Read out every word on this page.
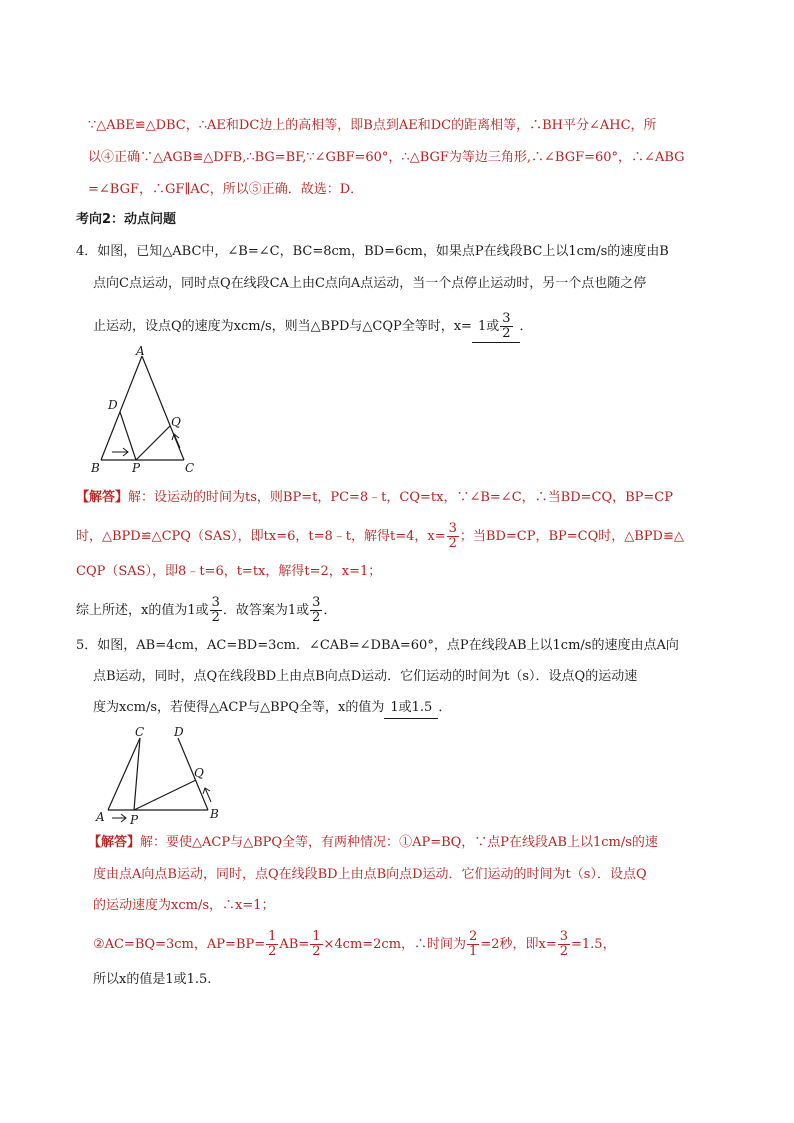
∵△ABE≌△DBC，∴AE和DC边上的高相等，即B点到AE和DC的距离相等，∴BH平分∠AHC，所
以④正确∵△AGB≌△DFB,∴BG=BF,∵∠GBF=60°，∴△BGF为等边三角形,∴∠BGF=60°，∴∠ABG
=∠BGF，∴GF∥AC，所以⑤正确．故选：D．
考向2：动点问题
4．如图，已知△ABC中，∠B=∠C，BC=8cm，BD=6cm，如果点P在线段BC上以1cm/s的速度由B
点向C点运动，同时点Q在线段CA上由C点向A点运动，当一个点停止运动时，另一个点也随之停
止运动，设点Q的速度为xcm/s，则当△BPD与△CQP全等时，x= 1或 $\frac{3}{2}$ ．
A
D
Q
B	P	C
【解答】解：设运动的时间为ts，则BP=t，PC=8﹣t，CQ=tx，∵∠B=∠C，∴当BD=CQ，BP=CP
时，△BPD≌△CPQ（SAS），即tx=6，t=8﹣t，解得t=4，$x= \frac{3}{2}$ ；当BD=CP，BP=CQ时，△BPD≌△
CQP（SAS），即8﹣t=6，t=tx，解得t=2，x=1；
综上所述，x的值为1或 $\frac{3}{2}$ ．故答案为1或 $\frac{3}{2}$ ．
5．如图，AB=4cm，AC=BD=3cm．∠CAB=∠DBA=60°，点P在线段AB上以1cm/s的速度由点A向
点B运动，同时，点Q在线段BD上由点B向点D运动．它们运动的时间为t（s）．设点Q的运动速
度为xcm/s，若使得△ACP与△BPQ全等，x的值为 1或1.5 ．
C D
Q
A P	B
【解答】解：要使△ACP与△BPQ全等，有两种情况：①AP=BQ，∵点P在线段AB上以1cm/s的速
度由点A向点B运动，同时，点Q在线段BD上由点B向点D运动．它们运动的时间为t（s）．设点Q
的运动速度为xcm/s，∴x=1；
②AC=BQ=3cm，$AP=BP= \frac{1}{2} AB= \frac{1}{2} \times 4cm=2cm$，∴时间为 $\frac{2}{1} =2$秒，即$x= \frac{3}{2} =1.5$，
所以x的值是1或1.5.
